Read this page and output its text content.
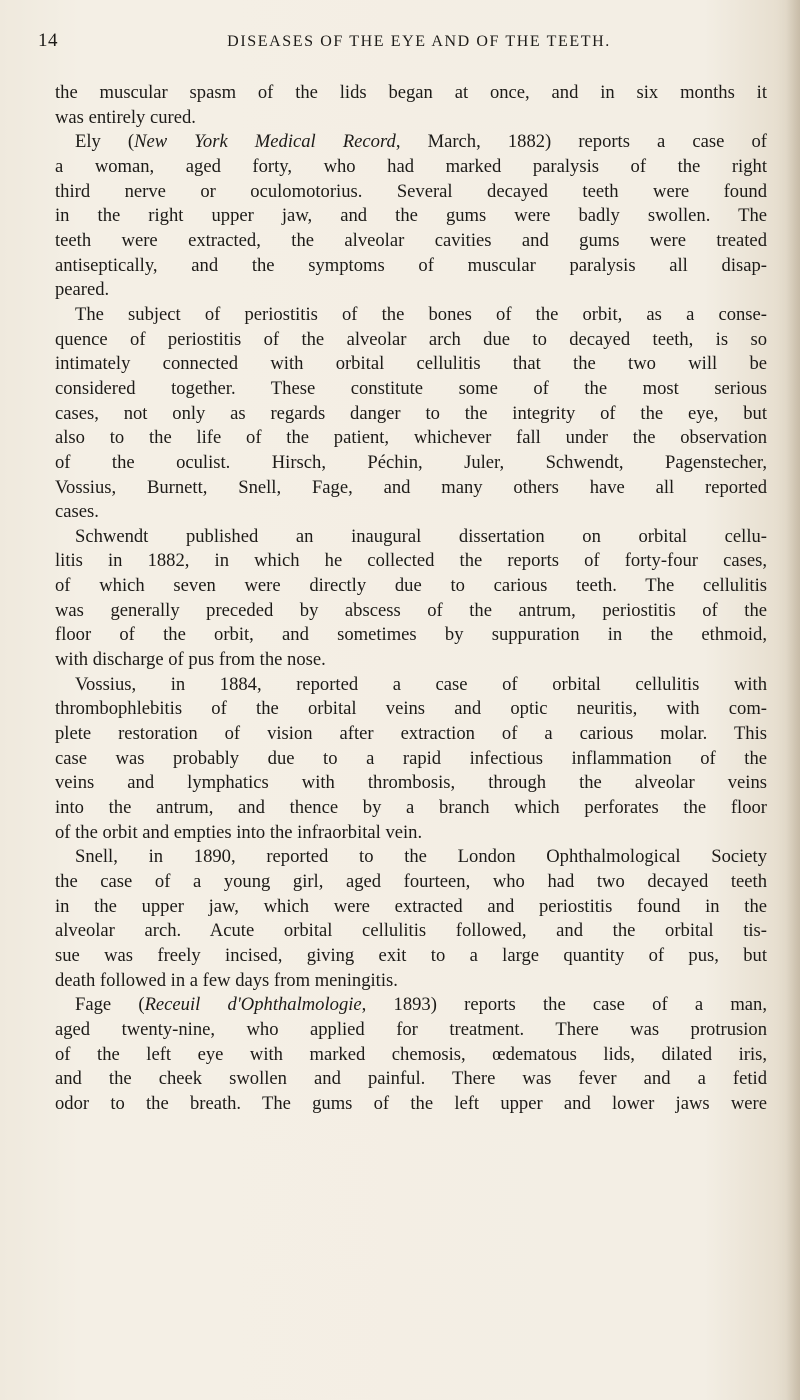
14	DISEASES OF THE EYE AND OF THE TEETH.
the muscular spasm of the lids began at once, and in six months it
was entirely cured.
Ely (New York Medical Record, March, 1882) reports a case of
a woman, aged forty, who had marked paralysis of the right
third nerve or oculomotorius. Several decayed teeth were found
in the right upper jaw, and the gums were badly swollen. The
teeth were extracted, the alveolar cavities and gums were treated
antiseptically, and the symptoms of muscular paralysis all disap-
peared.
The subject of periostitis of the bones of the orbit, as a conse-
quence of periostitis of the alveolar arch due to decayed teeth, is so
intimately connected with orbital cellulitis that the two will be
considered together. These constitute some of the most serious
cases, not only as regards danger to the integrity of the eye, but
also to the life of the patient, whichever fall under the observation
of the oculist. Hirsch, Péchin, Juler, Schwendt, Pagenstecher,
Vossius, Burnett, Snell, Fage, and many others have all reported
cases.
Schwendt published an inaugural dissertation on orbital cellu-
litis in 1882, in which he collected the reports of forty-four cases,
of which seven were directly due to carious teeth. The cellulitis
was generally preceded by abscess of the antrum, periostitis of the
floor of the orbit, and sometimes by suppuration in the ethmoid,
with discharge of pus from the nose.
Vossius, in 1884, reported a case of orbital cellulitis with
thrombophlebitis of the orbital veins and optic neuritis, with com-
plete restoration of vision after extraction of a carious molar. This
case was probably due to a rapid infectious inflammation of the
veins and lymphatics with thrombosis, through the alveolar veins
into the antrum, and thence by a branch which perforates the floor
of the orbit and empties into the infraorbital vein.
Snell, in 1890, reported to the London Ophthalmological Society
the case of a young girl, aged fourteen, who had two decayed teeth
in the upper jaw, which were extracted and periostitis found in the
alveolar arch. Acute orbital cellulitis followed, and the orbital tis-
sue was freely incised, giving exit to a large quantity of pus, but
death followed in a few days from meningitis.
Fage (Receuil d'Ophthalmologie, 1893) reports the case of a man,
aged twenty-nine, who applied for treatment. There was protrusion
of the left eye with marked chemosis, œdematous lids, dilated iris,
and the cheek swollen and painful. There was fever and a fetid
odor to the breath. The gums of the left upper and lower jaws were
